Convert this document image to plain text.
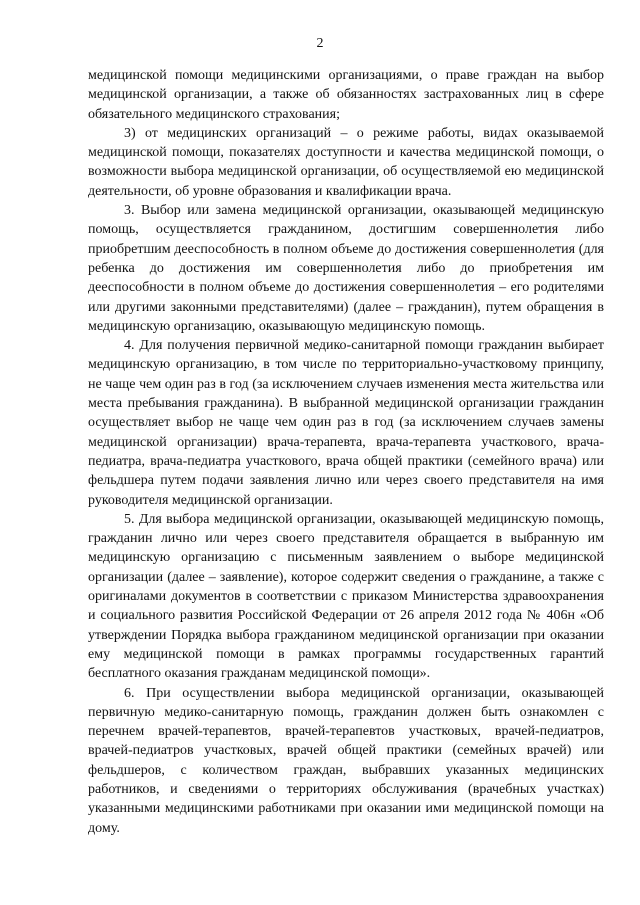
2

медицинской помощи медицинскими организациями, о праве граждан на выбор медицинской организации, а также об обязанностях застрахованных лиц в сфере обязательного медицинского страхования;

3) от медицинских организаций – о режиме работы, видах оказываемой медицинской помощи, показателях доступности и качества медицинской помощи, о возможности выбора медицинской организации, об осуществляемой ею медицинской деятельности, об уровне образования и квалификации врача.

3. Выбор или замена медицинской организации, оказывающей медицинскую помощь, осуществляется гражданином, достигшим совершеннолетия либо приобретшим дееспособность в полном объеме до достижения совершеннолетия (для ребенка до достижения им совершеннолетия либо до приобретения им дееспособности в полном объеме до достижения совершеннолетия – его родителями или другими законными представителями) (далее – гражданин), путем обращения в медицинскую организацию, оказывающую медицинскую помощь.

4. Для получения первичной медико-санитарной помощи гражданин выбирает медицинскую организацию, в том числе по территориально-участковому принципу, не чаще чем один раз в год (за исключением случаев изменения места жительства или места пребывания гражданина). В выбранной медицинской организации гражданин осуществляет выбор не чаще чем один раз в год (за исключением случаев замены медицинской организации) врача-терапевта, врача-терапевта участкового, врача-педиатра, врача-педиатра участкового, врача общей практики (семейного врача) или фельдшера путем подачи заявления лично или через своего представителя на имя руководителя медицинской организации.

5. Для выбора медицинской организации, оказывающей медицинскую помощь, гражданин лично или через своего представителя обращается в выбранную им медицинскую организацию с письменным заявлением о выборе медицинской организации (далее – заявление), которое содержит сведения о гражданине, а также с оригиналами документов в соответствии с приказом Министерства здравоохранения и социального развития Российской Федерации от 26 апреля 2012 года № 406н «Об утверждении Порядка выбора гражданином медицинской организации при оказании ему медицинской помощи в рамках программы государственных гарантий бесплатного оказания гражданам медицинской помощи».

6. При осуществлении выбора медицинской организации, оказывающей первичную медико-санитарную помощь, гражданин должен быть ознакомлен с перечнем врачей-терапевтов, врачей-терапевтов участковых, врачей-педиатров, врачей-педиатров участковых, врачей общей практики (семейных врачей) или фельдшеров, с количеством граждан, выбравших указанных медицинских работников, и сведениями о территориях обслуживания (врачебных участках) указанными медицинскими работниками при оказании ими медицинской помощи на дому.
